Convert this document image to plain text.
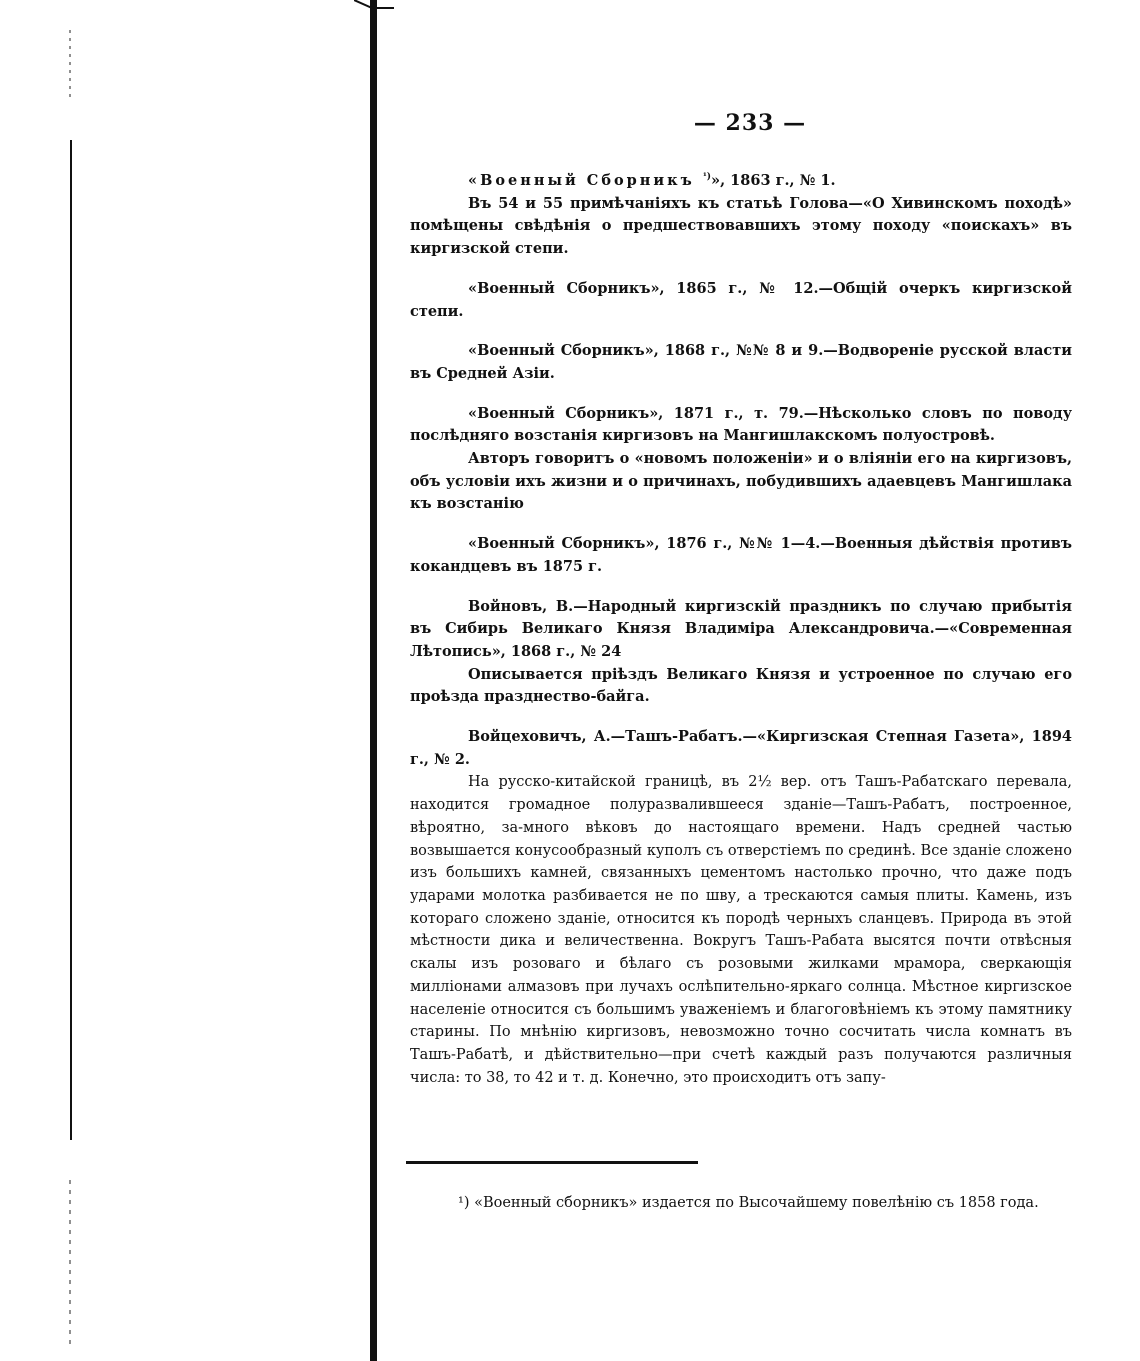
— 233 —

«Военный Сборникъ $^{^1)}$», 1863 г., № 1.

Въ 54 и 55 примѣчаніяхъ къ статьѣ Голова—«О Хивинскомъ походѣ» помѣщены свѣдѣнія о предшествовавшихъ этому походу «поискахъ» въ киргизской степи.

«Военный Сборникъ», 1865 г., № 12.—Общій очеркъ киргизской степи.

«Военный Сборникъ», 1868 г., №№ 8 и 9.—Водвореніе русской власти въ Средней Азіи.

«Военный Сборникъ», 1871 г., т. 79.—Нѣсколько словъ по поводу послѣдняго возстанія киргизовъ на Мангишлакскомъ полуостровѣ.

Авторъ говоритъ о «новомъ положеніи» и о вліяніи его на киргизовъ, объ условіи ихъ жизни и о причинахъ, побудившихъ адаевцевъ Мангишлака къ возстанію

«Военный Сборникъ», 1876 г., №№ 1—4.—Военныя дѣйствія противъ кокандцевъ въ 1875 г.

Войновъ, В.—Народный киргизскій праздникъ по случаю прибытія въ Сибирь Великаго Князя Владиміра Александровича.—«Современная Лѣтопись», 1868 г., № 24

Описывается пріѣздъ Великаго Князя и устроенное по случаю его проѣзда празднество-байга.

Войцеховичъ, А.—Ташъ-Рабатъ.—«Киргизская Степная Газета», 1894 г., № 2.

На русско-китайской границѣ, въ 2½ вер. отъ Ташъ-Рабатскаго перевала, находится громадное полуразвалившееся зданіе—Ташъ-Рабатъ, построенное, вѣроятно, за-много вѣковъ до настоящаго времени. Надъ средней частью возвышается конусообразный куполъ съ отверстіемъ по срединѣ. Все зданіе сложено изъ большихъ камней, связанныхъ цементомъ настолько прочно, что даже подъ ударами молотка разбивается не по шву, а трескаются самыя плиты. Камень, изъ котораго сложено зданіе, относится къ породѣ черныхъ сланцевъ. Природа въ этой мѣстности дика и величественна. Вокругъ Ташъ-Рабата высятся почти отвѣсныя скалы изъ розоваго и бѣлаго съ розовыми жилками мрамора, сверкающія милліонами алмазовъ при лучахъ ослѣпительно-яркаго солнца. Мѣстное киргизское населеніе относится съ большимъ уваженіемъ и благоговѣніемъ къ этому памятнику старины. По мнѣнію киргизовъ, невозможно точно сосчитать числа комнатъ въ Ташъ-Рабатѣ, и дѣйствительно—при счетѣ каждый разъ получаются различныя числа: то 38, то 42 и т. д. Конечно, это происходитъ отъ запу-

¹) «Военный сборникъ» издается по Высочайшему повелѣнію съ 1858 года.
